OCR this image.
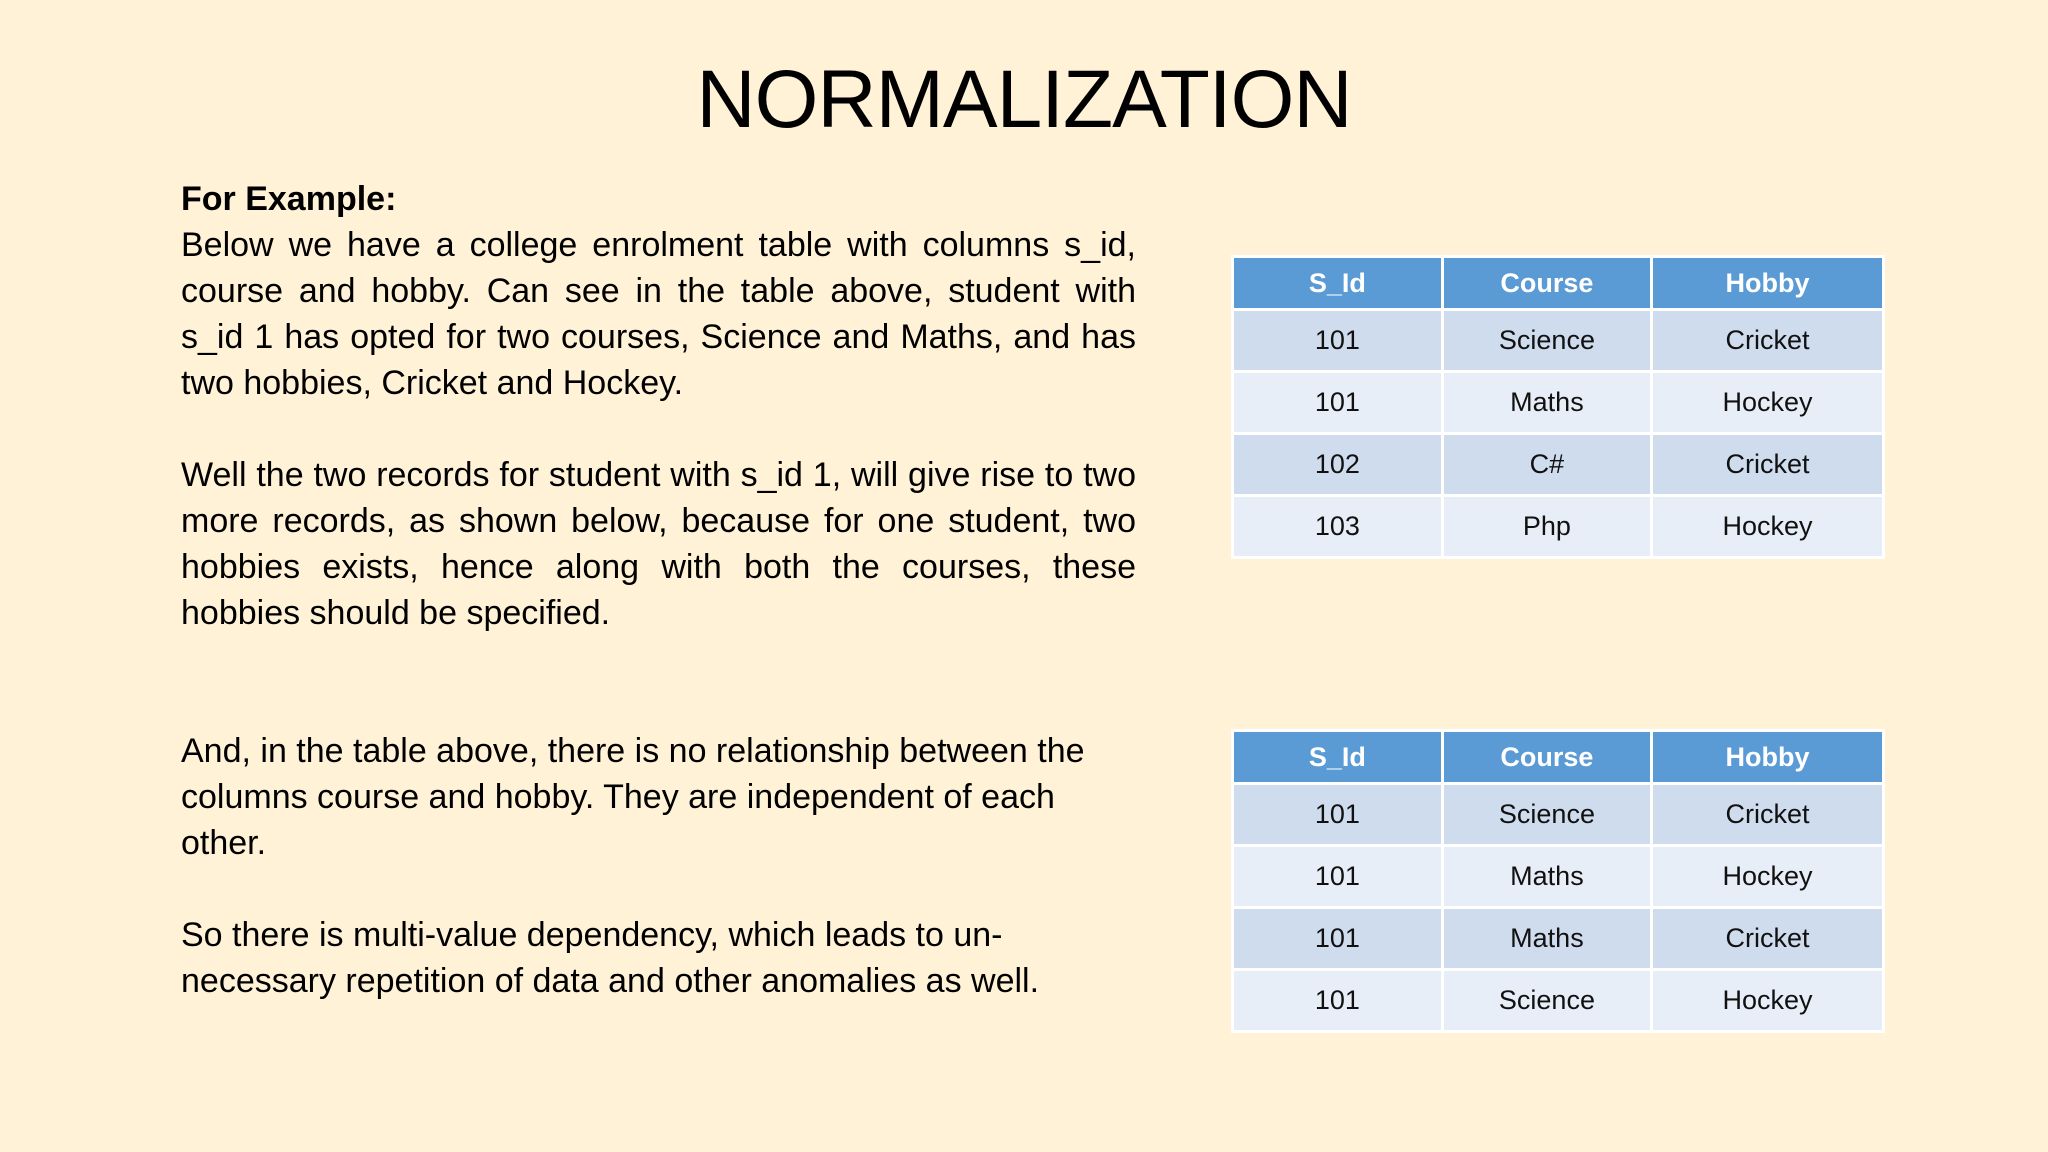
NORMALIZATION

For Example:

Below we have a college enrolment table with columns s_id, course and hobby. Can see in the table above, student with s_id 1 has opted for two courses, Science and Maths, and has two hobbies, Cricket and Hockey.

Well the two records for student with s_id 1, will give rise to two more records, as shown below, because for one student, two hobbies exists, hence along with both the courses, these hobbies should be specified.

And, in the table above, there is no relationship between the columns course and hobby. They are independent of each other.

So there is multi-value dependency, which leads to un-necessary repetition of data and other anomalies as well.

S_Id	Course	Hobby
101	Science	Cricket
101	Maths	Hockey
102	C#	Cricket
103	Php	Hockey
S_Id	Course	Hobby
101	Science	Cricket
101	Maths	Hockey
101	Maths	Cricket
101	Science	Hockey
